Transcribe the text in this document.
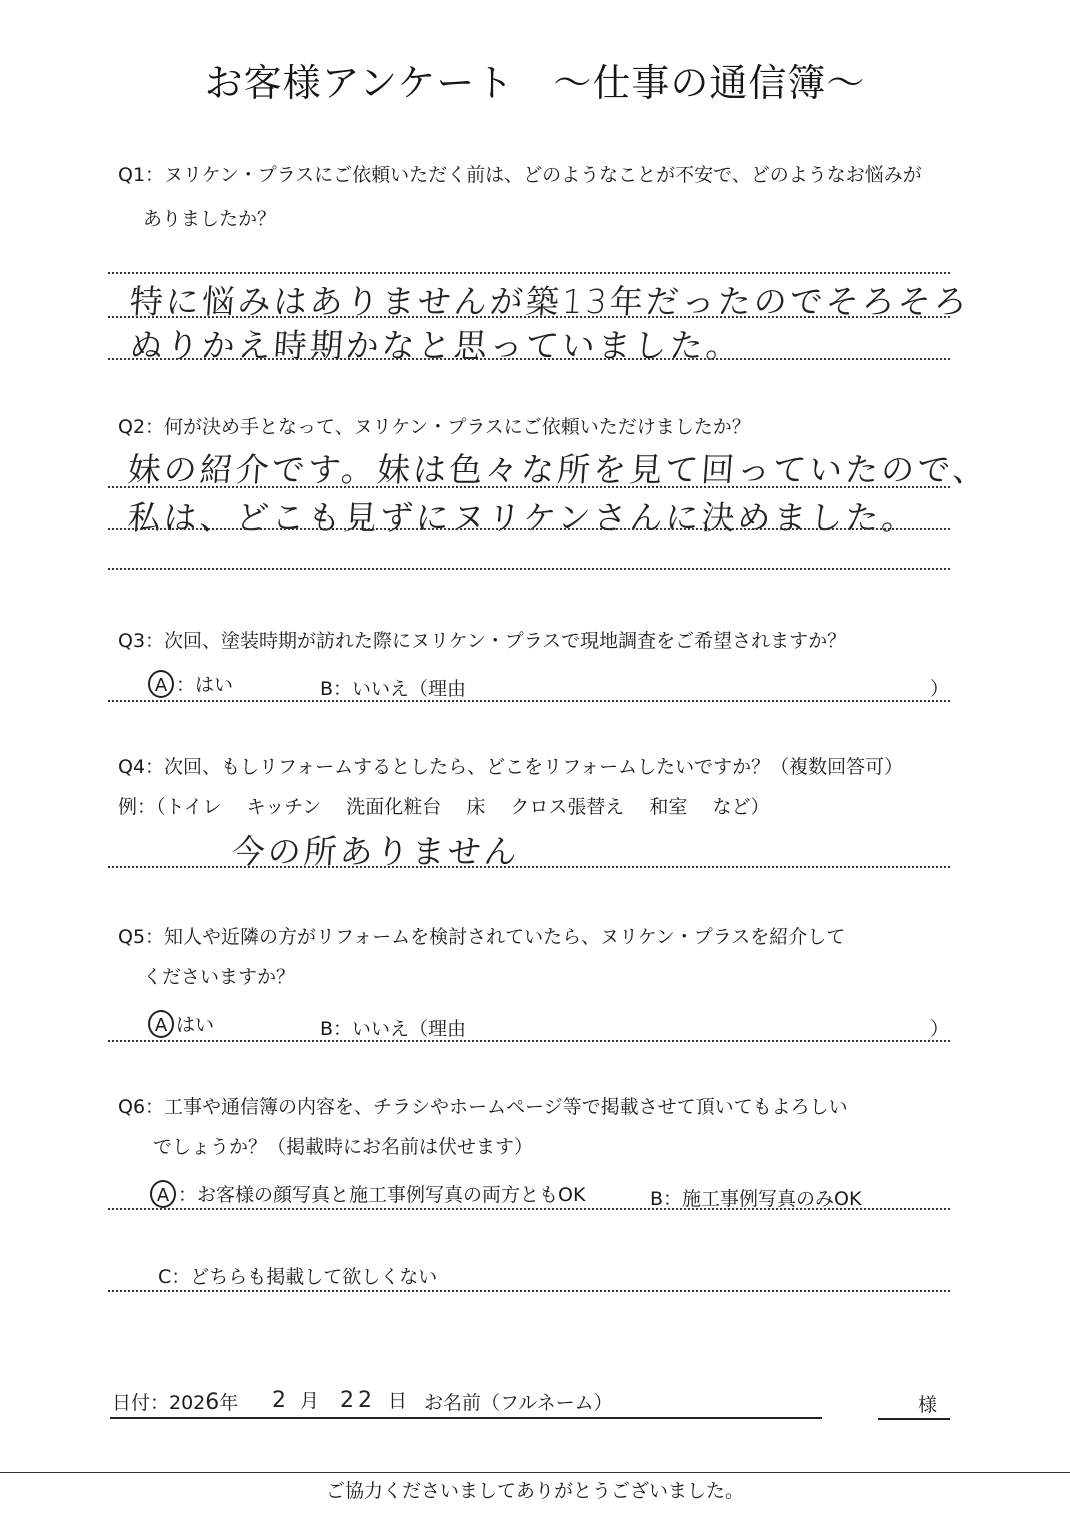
お客様アンケート　～仕事の通信簿～
Q1：ヌリケン・プラスにご依頼いただく前は、どのようなことが不安で、どのようなお悩みが
ありましたか？
特に悩みはありませんが築13年だったのでそろそろ
ぬりかえ時期かなと思っていました。
Q2：何が決め手となって、ヌリケン・プラスにご依頼いただけましたか？
妹の紹介です。妹は色々な所を見て回っていたので、
私は、どこも見ずにヌリケンさんに決めました。
Q3：次回、塗装時期が訪れた際にヌリケン・プラスで現地調査をご希望されますか？
A ：はい	B：いいえ（理由	）
Q4：次回、もしリフォームするとしたら、どこをリフォームしたいですか？（複数回答可）
例：（トイレ　 キッチン　 洗面化粧台　 床　 クロス張替え　 和室　 など）
今の所ありません
Q5：知人や近隣の方がリフォームを検討されていたら、ヌリケン・プラスを紹介して
くださいますか？
A はい	B：いいえ（理由	）
Q6：工事や通信簿の内容を、チラシやホームページ等で掲載させて頂いてもよろしい
でしょうか？（掲載時にお名前は伏せます）
A ：お客様の顔写真と施工事例写真の両方ともOK	B：施工事例写真のみOK
C：どちらも掲載して欲しくない
日付：2026年 2 月 22 日 お名前（フルネーム）	様
ご協力くださいましてありがとうございました。
